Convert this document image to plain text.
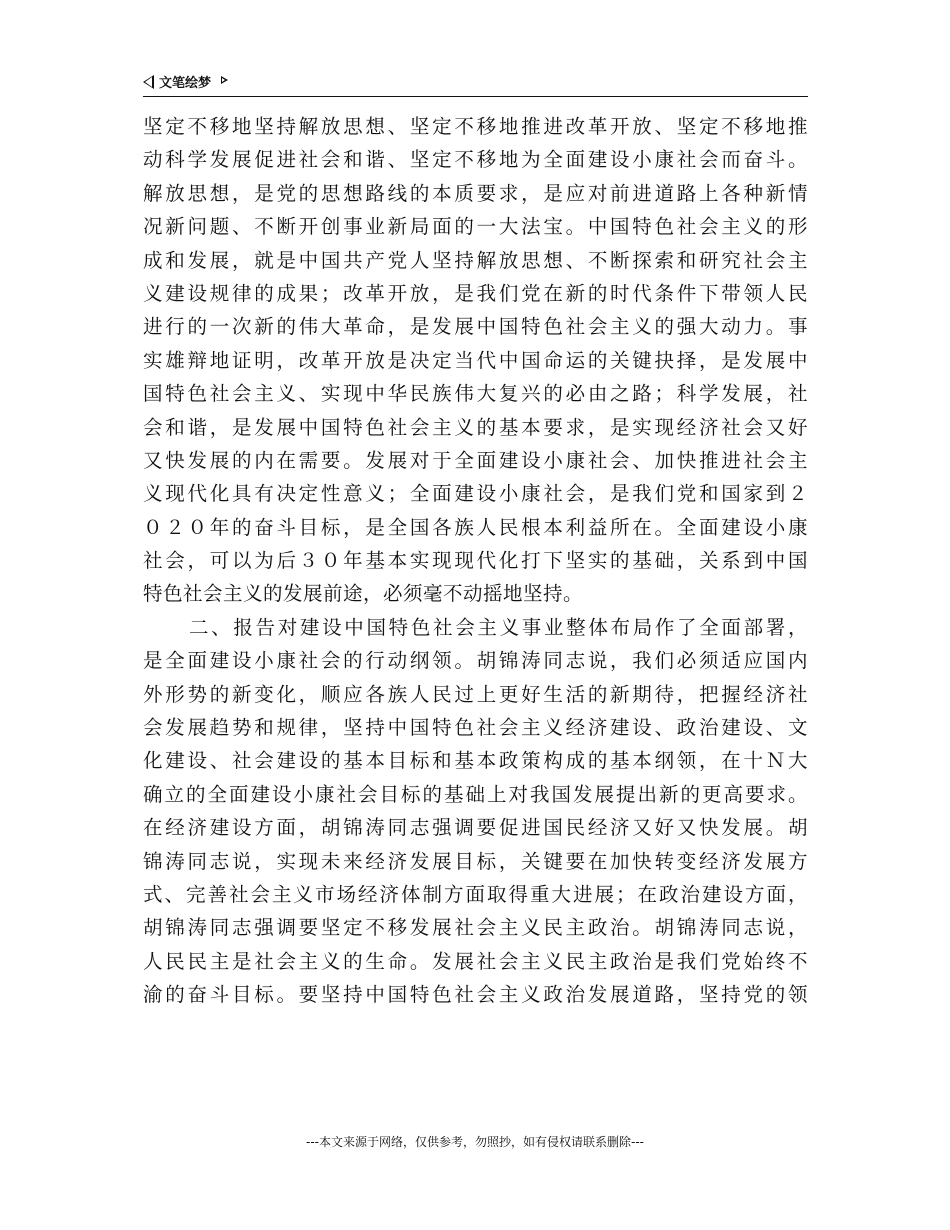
文笔绘梦
坚定不移地坚持解放思想、坚定不移地推进改革开放、坚定不移地推
动科学发展促进社会和谐、坚定不移地为全面建设小康社会而奋斗。
解放思想，是党的思想路线的本质要求，是应对前进道路上各种新情
况新问题、不断开创事业新局面的一大法宝。中国特色社会主义的形
成和发展，就是中国共产党人坚持解放思想、不断探索和研究社会主
义建设规律的成果；改革开放，是我们党在新的时代条件下带领人民
进行的一次新的伟大革命，是发展中国特色社会主义的强大动力。事
实雄辩地证明，改革开放是决定当代中国命运的关键抉择，是发展中
国特色社会主义、实现中华民族伟大复兴的必由之路；科学发展，社
会和谐，是发展中国特色社会主义的基本要求，是实现经济社会又好
又快发展的内在需要。发展对于全面建设小康社会、加快推进社会主
义现代化具有决定性意义；全面建设小康社会，是我们党和国家到２
０２０年的奋斗目标，是全国各族人民根本利益所在。全面建设小康
社会，可以为后３０年基本实现现代化打下坚实的基础，关系到中国
特色社会主义的发展前途，必须毫不动摇地坚持。
二、报告对建设中国特色社会主义事业整体布局作了全面部署，
是全面建设小康社会的行动纲领。胡锦涛同志说，我们必须适应国内
外形势的新变化，顺应各族人民过上更好生活的新期待，把握经济社
会发展趋势和规律，坚持中国特色社会主义经济建设、政治建设、文
化建设、社会建设的基本目标和基本政策构成的基本纲领，在十Ｎ大
确立的全面建设小康社会目标的基础上对我国发展提出新的更高要求。
在经济建设方面，胡锦涛同志强调要促进国民经济又好又快发展。胡
锦涛同志说，实现未来经济发展目标，关键要在加快转变经济发展方
式、完善社会主义市场经济体制方面取得重大进展；在政治建设方面，
胡锦涛同志强调要坚定不移发展社会主义民主政治。胡锦涛同志说，
人民民主是社会主义的生命。发展社会主义民主政治是我们党始终不
渝的奋斗目标。要坚持中国特色社会主义政治发展道路，坚持党的领
---本文来源于网络，仅供参考，勿照抄，如有侵权请联系删除---
